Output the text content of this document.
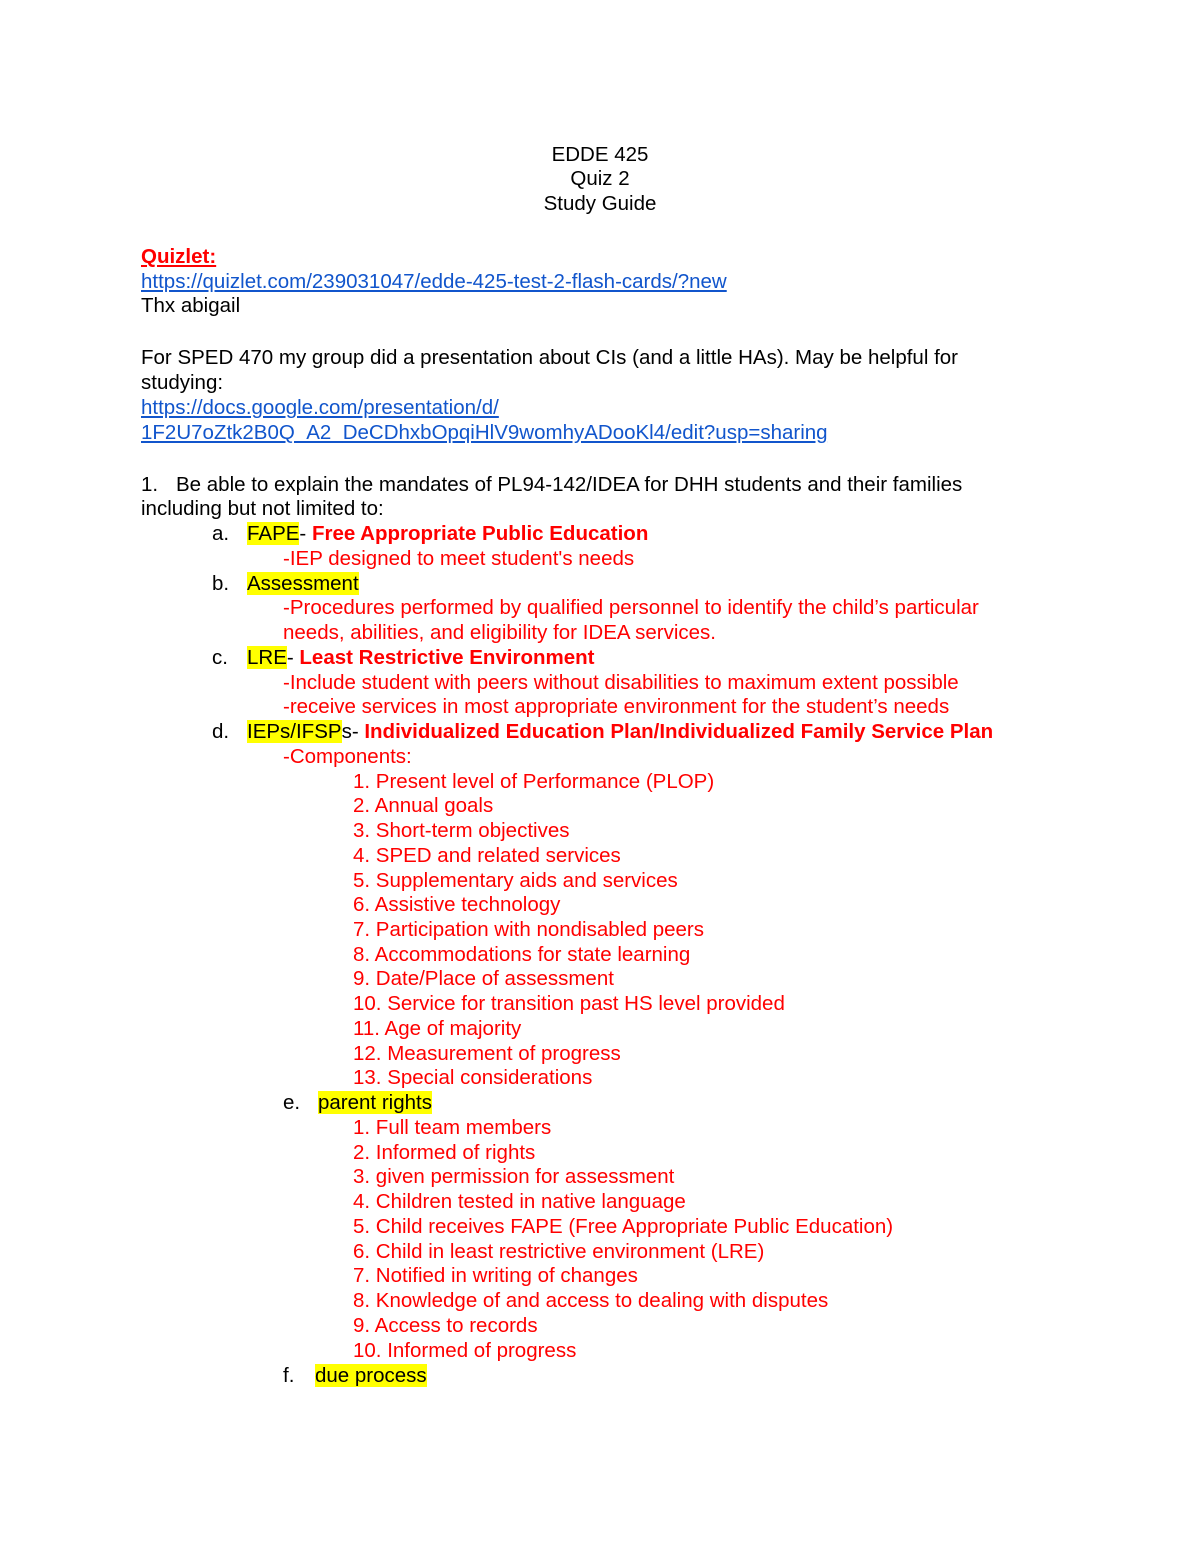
EDDE 425
Quiz 2
Study Guide
Quizlet:
https://quizlet.com/239031047/edde-425-test-2-flash-cards/?new
Thx abigail
For SPED 470 my group did a presentation about CIs (and a little HAs). May be helpful for
studying:
https://docs.google.com/presentation/d/
1F2U7oZtk2B0Q_A2_DeCDhxbOpqiHlV9womhyADooKl4/edit?usp=sharing
1. Be able to explain the mandates of PL94-142/IDEA for DHH students and their families
including but not limited to:
a. FAPE- Free Appropriate Public Education
-IEP designed to meet student's needs
b. Assessment
-Procedures performed by qualified personnel to identify the child’s particular
needs, abilities, and eligibility for IDEA services.
c. LRE- Least Restrictive Environment
-Include student with peers without disabilities to maximum extent possible
-receive services in most appropriate environment for the student’s needs
d. IEPs/IFSPs- Individualized Education Plan/Individualized Family Service Plan
-Components:
1. Present level of Performance (PLOP)
2. Annual goals
3. Short-term objectives
4. SPED and related services
5. Supplementary aids and services
6. Assistive technology
7. Participation with nondisabled peers
8. Accommodations for state learning
9. Date/Place of assessment
10. Service for transition past HS level provided
11. Age of majority
12. Measurement of progress
13. Special considerations
e. parent rights
1. Full team members
2. Informed of rights
3. given permission for assessment
4. Children tested in native language
5. Child receives FAPE (Free Appropriate Public Education)
6. Child in least restrictive environment (LRE)
7. Notified in writing of changes
8. Knowledge of and access to dealing with disputes
9. Access to records
10. Informed of progress
f. due process
